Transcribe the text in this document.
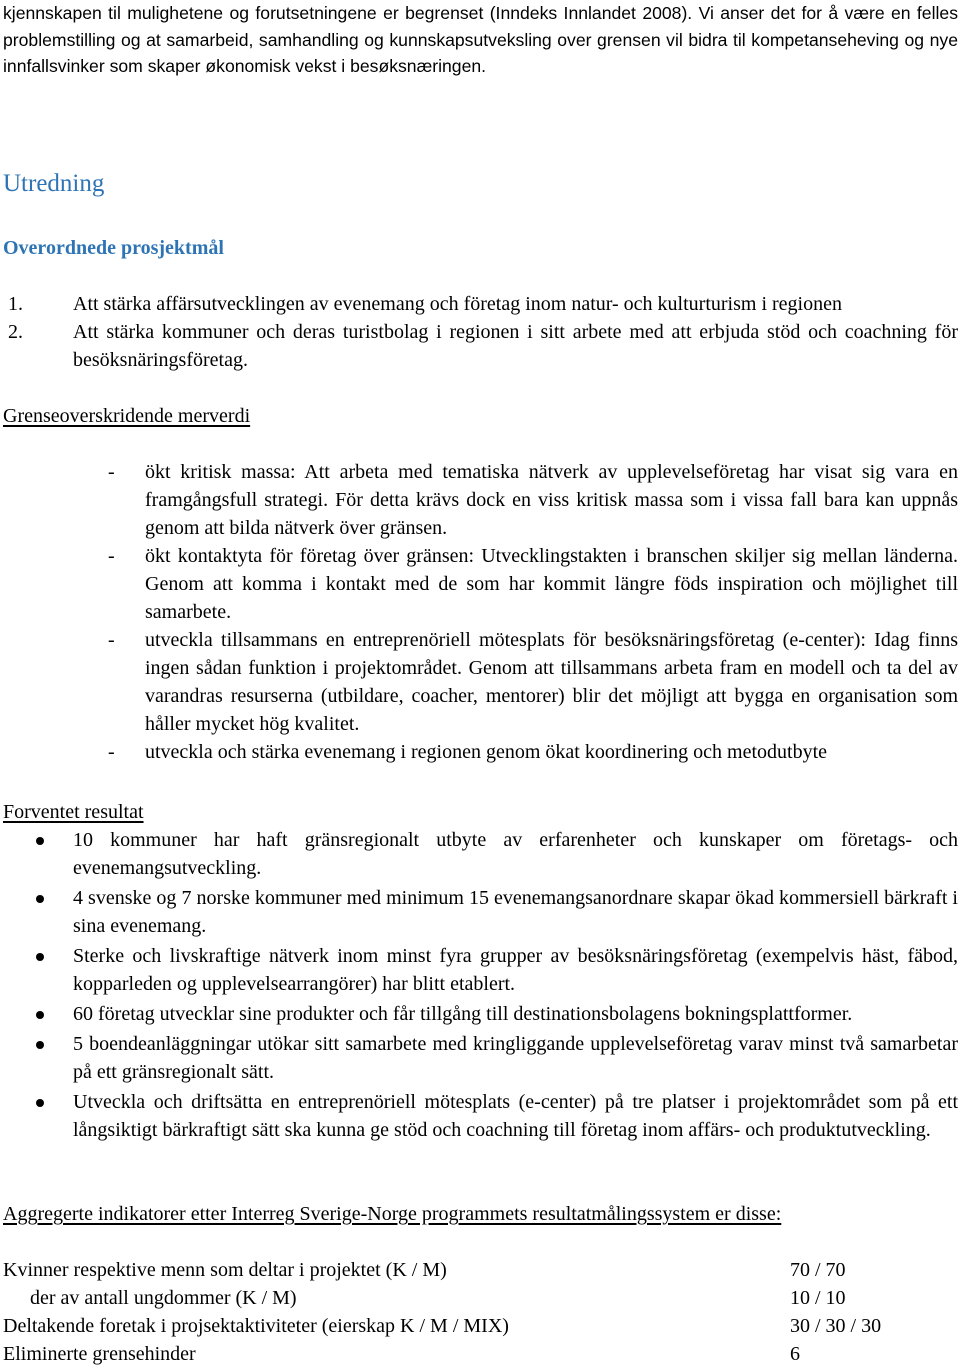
kjennskapen til mulighetene og forutsetningene er begrenset (Inndeks Innlandet 2008). Vi anser det for å være en felles problemstilling og at samarbeid, samhandling og kunnskapsutveksling over grensen vil bidra til kompetanseheving og nye innfallsvinker som skaper økonomisk vekst i besøksnæringen.

Utredning
Overordnede prosjektmål
1.	Att stärka affärsutvecklingen av evenemang och företag inom natur- och kulturturism i regionen
2.	Att stärka kommuner och deras turistbolag i regionen i sitt arbete med att erbjuda stöd och coachning för besöksnäringsföretag.

Grenseoverskridende merverdi

- ökt kritisk massa: Att arbeta med tematiska nätverk av upplevelseföretag har visat sig vara en framgångsfull strategi. För detta krävs dock en viss kritisk massa som i vissa fall bara kan uppnås genom att bilda nätverk över gränsen.
- ökt kontaktyta för företag över gränsen: Utvecklingstakten i branschen skiljer sig mellan länderna. Genom att komma i kontakt med de som har kommit längre föds inspiration och möjlighet till samarbete.
- utveckla tillsammans en entreprenöriell mötesplats för besöksnäringsföretag (e-center): Idag finns ingen sådan funktion i projektområdet. Genom att tillsammans arbeta fram en modell och ta del av varandras resurserna (utbildare, coacher, mentorer) blir det möjligt att bygga en organisation som håller mycket hög kvalitet.
- utveckla och stärka evenemang i regionen genom ökat koordinering och metodutbyte

Forventet resultat

10 kommuner har haft gränsregionalt utbyte av erfarenheter och kunskaper om företags- och evenemangsutveckling.
4 svenske og 7 norske kommuner med minimum 15 evenemangsanordnare skapar ökad kommersiell bärkraft i sina evenemang.
Sterke och livskraftige nätverk inom minst fyra grupper av besöksnäringsföretag (exempelvis häst, fäbod, kopparleden og upplevelsearrangörer) har blitt etablert.
60 företag utvecklar sine produkter och får tillgång till destinationsbolagens bokningsplattformer.
5 boendeanläggningar utökar sitt samarbete med kringliggande upplevelseföretag varav minst två samarbetar på ett gränsregionalt sätt.
Utveckla och driftsätta en entreprenöriell mötesplats (e-center) på tre platser i projektområdet som på ett långsiktigt bärkraftigt sätt ska kunna ge stöd och coachning till företag inom affärs- och produktutveckling.

Aggregerte indikatorer etter Interreg Sverige-Norge programmets resultatmålingssystem er disse:

Kvinner respektive menn som deltar i projektet (K / M)	70 / 70
der av antall ungdommer (K / M)	10 / 10
Deltakende foretak i projsektaktiviteter (eierskap K / M / MIX)	30 / 30 / 30
Eliminerte grensehinder	6
